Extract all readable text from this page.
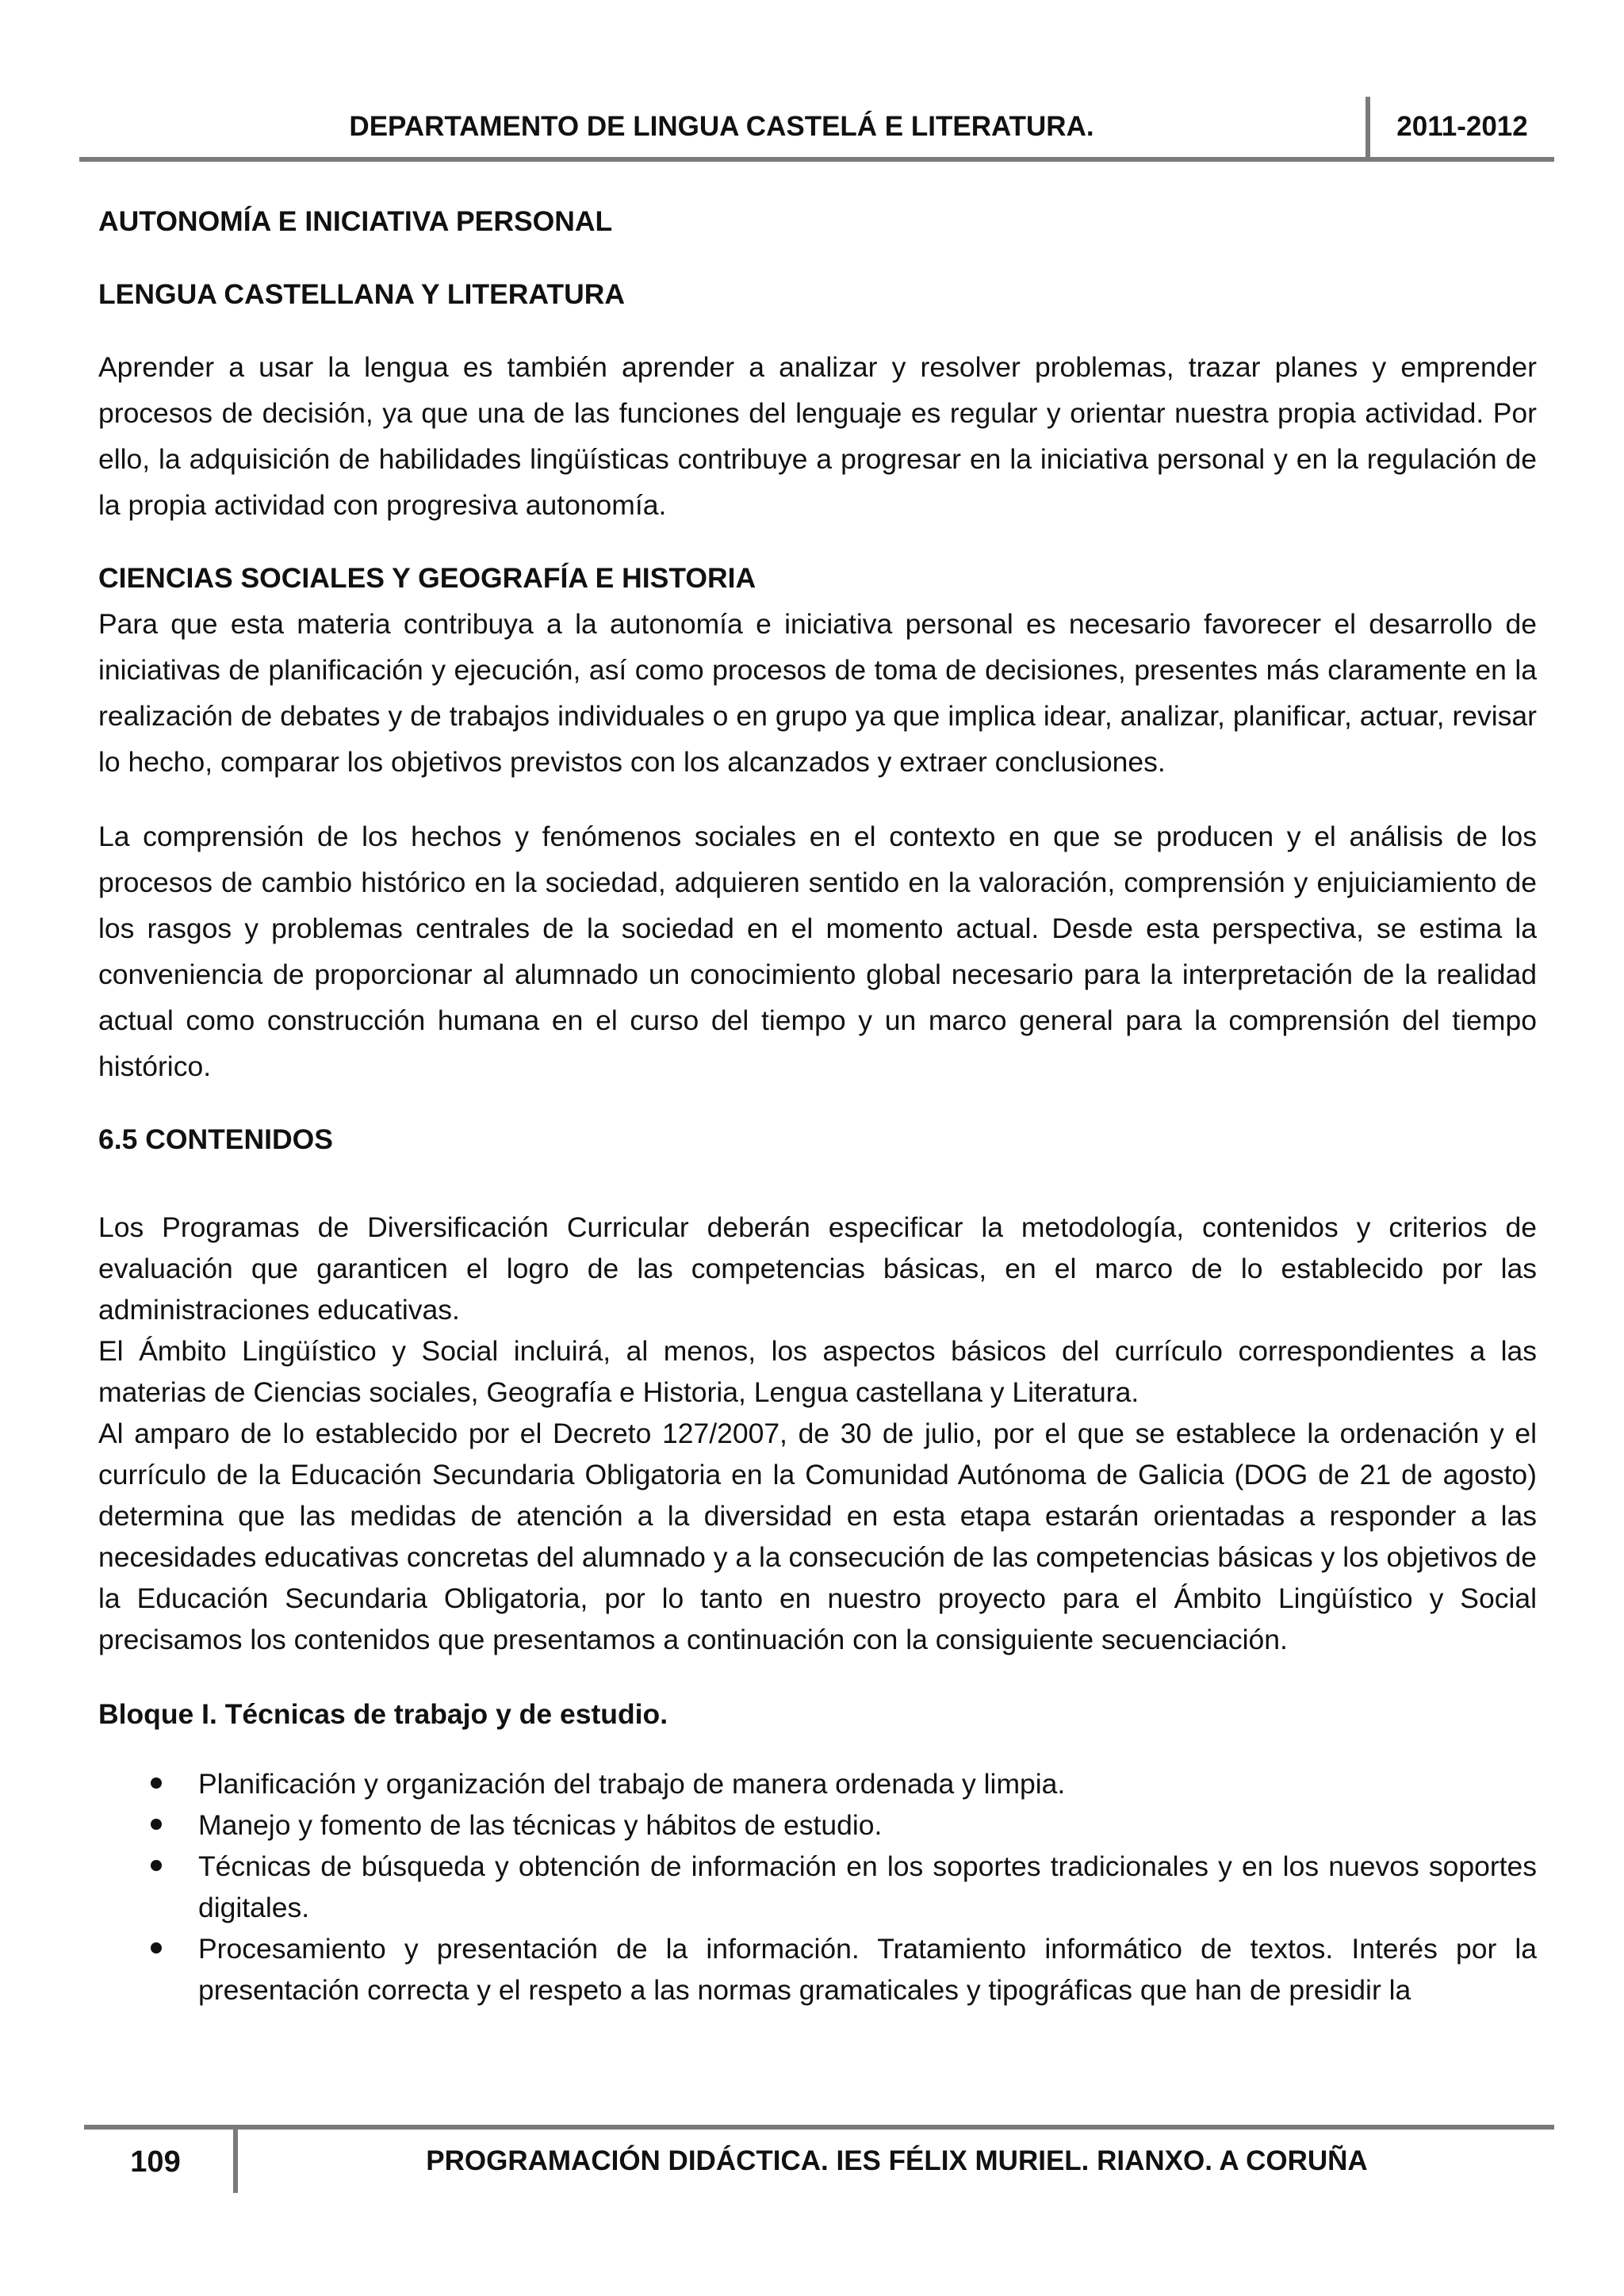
DEPARTAMENTO DE LINGUA CASTELÁ E LITERATURA.	2011-2012

AUTONOMÍA E INICIATIVA PERSONAL

LENGUA CASTELLANA Y LITERATURA

Aprender a usar la lengua es también aprender a analizar y resolver problemas, trazar planes y emprender procesos de decisión, ya que una de las funciones del lenguaje es regular y orientar nuestra propia actividad. Por ello, la adquisición de habilidades lingüísticas contribuye a progresar en la iniciativa personal y en la regulación de la propia actividad con progresiva autonomía.

CIENCIAS SOCIALES Y GEOGRAFÍA E HISTORIA

Para que esta materia contribuya a la autonomía e iniciativa personal es necesario favorecer el desarrollo de iniciativas de planificación y ejecución, así como procesos de toma de decisiones, presentes más claramente en la realización de debates y de trabajos individuales o en grupo ya que implica idear, analizar, planificar, actuar, revisar lo hecho, comparar los objetivos previstos con los alcanzados y extraer conclusiones.

La comprensión de los hechos y fenómenos sociales en el contexto en que se producen y el análisis de los procesos de cambio histórico en la sociedad, adquieren sentido en la valoración, comprensión y enjuiciamiento de los rasgos y problemas centrales de la sociedad en el momento actual. Desde esta perspectiva, se estima la conveniencia de proporcionar al alumnado un conocimiento global necesario para la interpretación de la realidad actual como construcción humana en el curso del tiempo y un marco general para la comprensión del tiempo histórico.

6.5 CONTENIDOS

Los Programas de Diversificación Curricular deberán especificar la metodología, contenidos y criterios de evaluación que garanticen el logro de las competencias básicas, en el marco de lo establecido por las administraciones educativas.

El Ámbito Lingüístico y Social incluirá, al menos, los aspectos básicos del currículo correspondientes a las materias de Ciencias sociales, Geografía e Historia, Lengua castellana y Literatura.

Al amparo de lo establecido por el Decreto 127/2007, de 30 de julio, por el que se establece la ordenación y el currículo de la Educación Secundaria Obligatoria en la Comunidad Autónoma de Galicia (DOG de 21 de agosto) determina que las medidas de atención a la diversidad en esta etapa estarán orientadas a responder a las necesidades educativas concretas del alumnado y a la consecución de las competencias básicas y los objetivos de la Educación Secundaria Obligatoria, por lo tanto en nuestro proyecto para el Ámbito Lingüístico y Social precisamos los contenidos que presentamos a continuación con la consiguiente secuenciación.

Bloque I. Técnicas de trabajo y de estudio.

Planificación y organización del trabajo de manera ordenada y limpia.
Manejo y fomento de las técnicas y hábitos de estudio.
Técnicas de búsqueda y obtención de información en los soportes tradicionales y en los nuevos soportes digitales.
Procesamiento y presentación de la información. Tratamiento informático de textos. Interés por la presentación correcta y el respeto a las normas gramaticales y tipográficas que han de presidir la
109	PROGRAMACIÓN DIDÁCTICA. IES FÉLIX MURIEL. RIANXO. A CORUÑA
